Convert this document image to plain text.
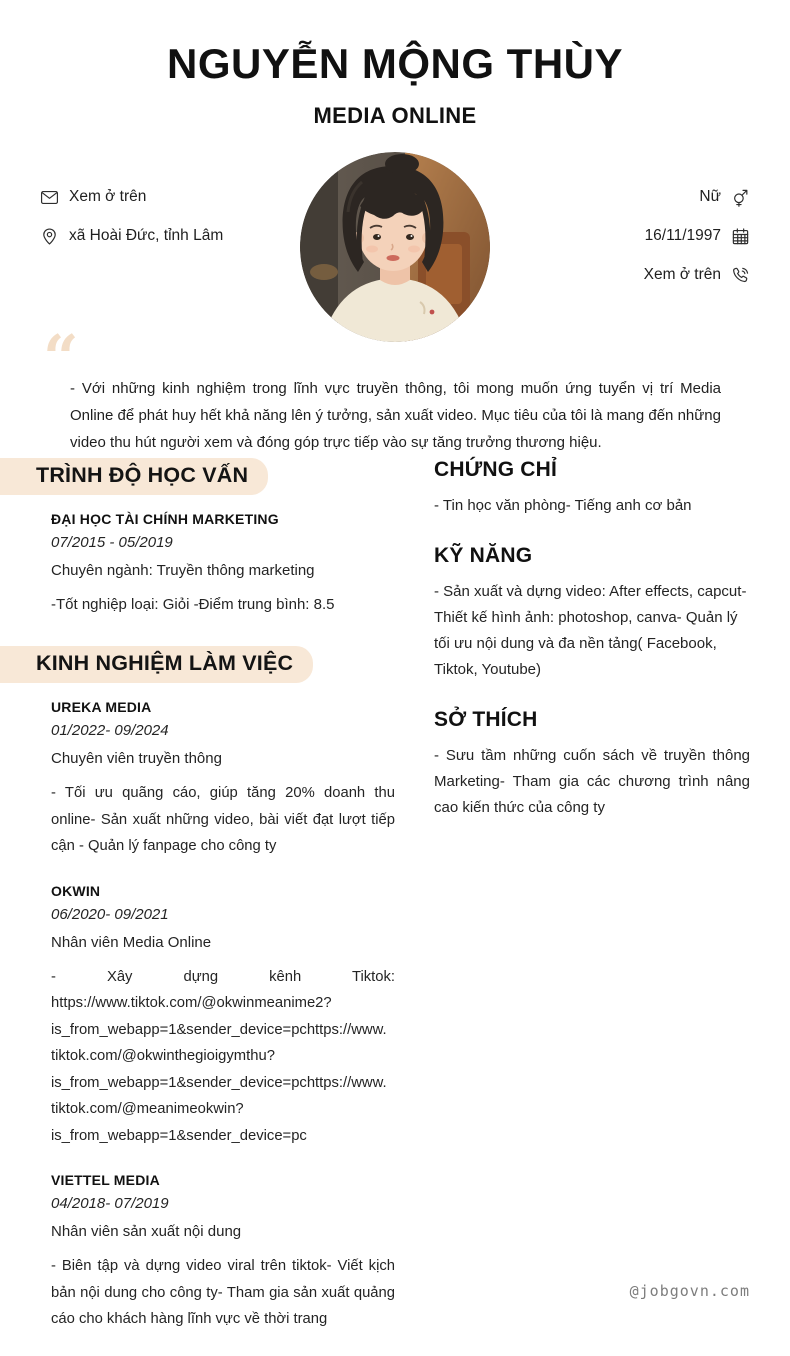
NGUYỄN MỘNG THÙY
MEDIA ONLINE
Xem ở trên
xã Hoài Đức, tỉnh Lâm
Nữ
16/11/1997
Xem ở trên
“

- Với những kinh nghiệm trong lĩnh vực truyền thông, tôi mong muốn ứng tuyển vị trí Media Online để phát huy hết khả năng lên ý tưởng, sản xuất video. Mục tiêu của tôi là mang đến những video thu hút người xem và đóng góp trực tiếp vào sự tăng trưởng thương hiệu.

TRÌNH ĐỘ HỌC VẤN

ĐẠI HỌC TÀI CHÍNH MARKETING

07/2015 - 05/2019

Chuyên ngành: Truyền thông marketing

-Tốt nghiệp loại: Giỏi -Điểm trung bình: 8.5

KINH NGHIỆM LÀM VIỆC

UREKA MEDIA

01/2022- 09/2024

Chuyên viên truyền thông

- Tối ưu quãng cáo, giúp tăng 20% doanh thu online- Sản xuất những video, bài viết đạt lượt tiếp cận - Quản lý fanpage cho công ty

OKWIN

06/2020- 09/2021

Nhân viên Media Online

- Xây dựng kênh Tiktok: https://www.tiktok.com/@okwinmeanime2?​is_from_webapp=1&sender_device=pchttps://www.​tiktok.com/@okwinthegioigymthu?​is_from_webapp=1&sender_device=pchttps://www.​tiktok.com/@meanimeokwin?​is_from_webapp=1&sender_device=pc

VIETTEL MEDIA

04/2018- 07/2019

Nhân viên sản xuất nội dung

- Biên tập và dựng video viral trên tiktok- Viết kịch bản nội dung cho công ty- Tham gia sản xuất quảng cáo cho khách hàng lĩnh vực về thời trang

CHỨNG CHỈ

- Tin học văn phòng- Tiếng anh cơ bản

KỸ NĂNG

- Sản xuất và dựng video: After effects, capcut- Thiết kế hình ảnh: photoshop, canva- Quản lý tối ưu nội dung và đa nền tảng( Facebook, Tiktok, Youtube)

SỞ THÍCH

- Sưu tầm những cuốn sách về truyền thông Marketing- Tham gia các chương trình nâng cao kiến thức của công ty

@jobgovn.com
